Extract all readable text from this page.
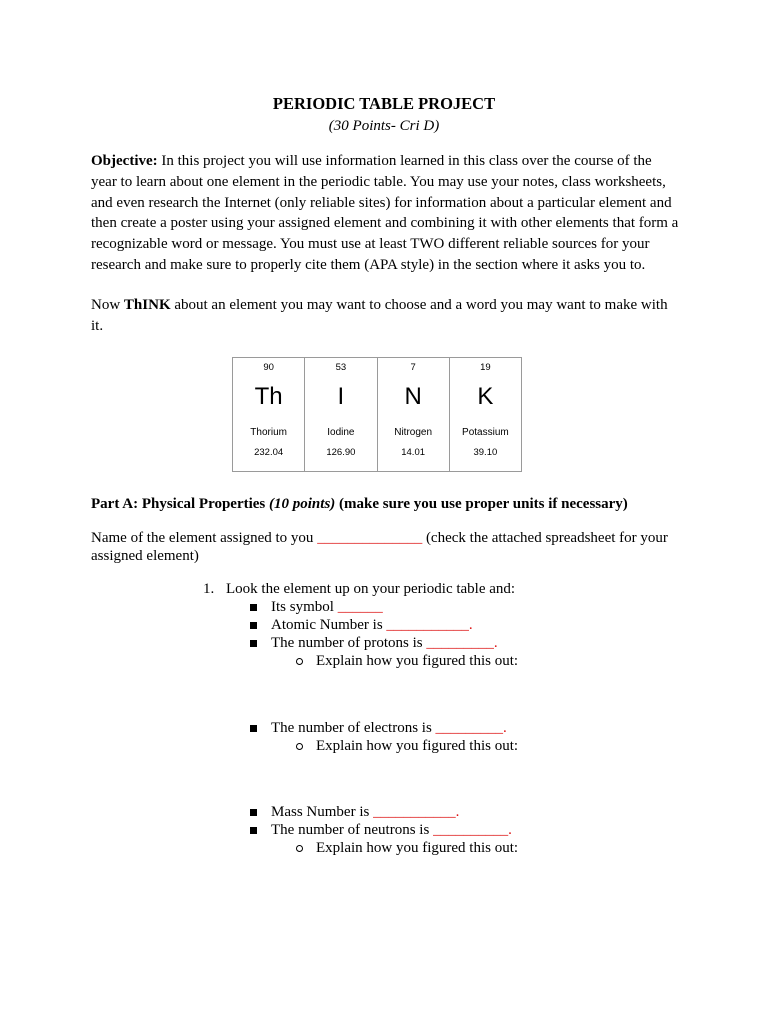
PERIODIC TABLE PROJECT
(30 Points- Cri D)
Objective: In this project you will use information learned in this class over the course of the year to learn about one element in the periodic table. You may use your notes, class worksheets, and even research the Internet (only reliable sites) for information about a particular element and then create a poster using your assigned element and combining it with other elements that form a recognizable word or message. You must use at least TWO different reliable sources for your research and make sure to properly cite them (APA style) in the section where it asks you to.
Now ThINK about an element you may want to choose and a word you may want to make with it.
90
Th
Thorium
232.04
53
I
Iodine
126.90
7
N
Nitrogen
14.01
19
K
Potassium
39.10
Part A: Physical Properties (10 points) (make sure you use proper units if necessary)
Name of the element assigned to you ______________ (check the attached spreadsheet for your assigned element)
1. Look the element up on your periodic table and:
Its symbol ______
Atomic Number is ___________.
The number of protons is _________.
Explain how you figured this out:
The number of electrons is _________.
Explain how you figured this out:
Mass Number is ___________.
The number of neutrons is __________.
Explain how you figured this out:
